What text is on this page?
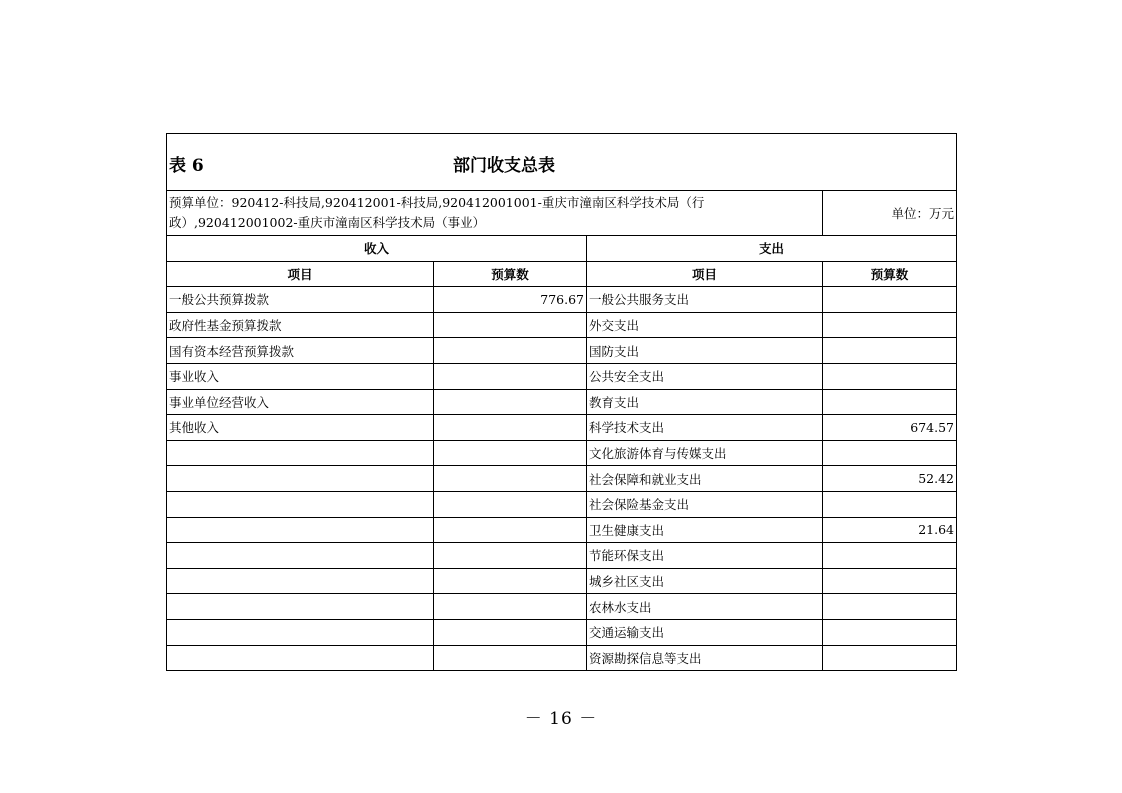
表 6 部门收支总表			

预算单位：920412-科技局,920412001-科技局,920412001001-重庆市潼南区科学技术局（行政）,920412001002-重庆市潼南区科学技术局（事业）			单位：万元
收入		支出	
项目	预算数	项目	预算数
一般公共预算拨款	776.67	一般公共服务支出	
政府性基金预算拨款		外交支出	
国有资本经营预算拨款		国防支出	
事业收入		公共安全支出	
事业单位经营收入		教育支出	
其他收入		科学技术支出	674.57
		文化旅游体育与传媒支出	
		社会保障和就业支出	52.42
		社会保险基金支出	
		卫生健康支出	21.64
		节能环保支出	
		城乡社区支出	
		农林水支出	
		交通运输支出	
		资源勘探信息等支出	
－ 16 －
